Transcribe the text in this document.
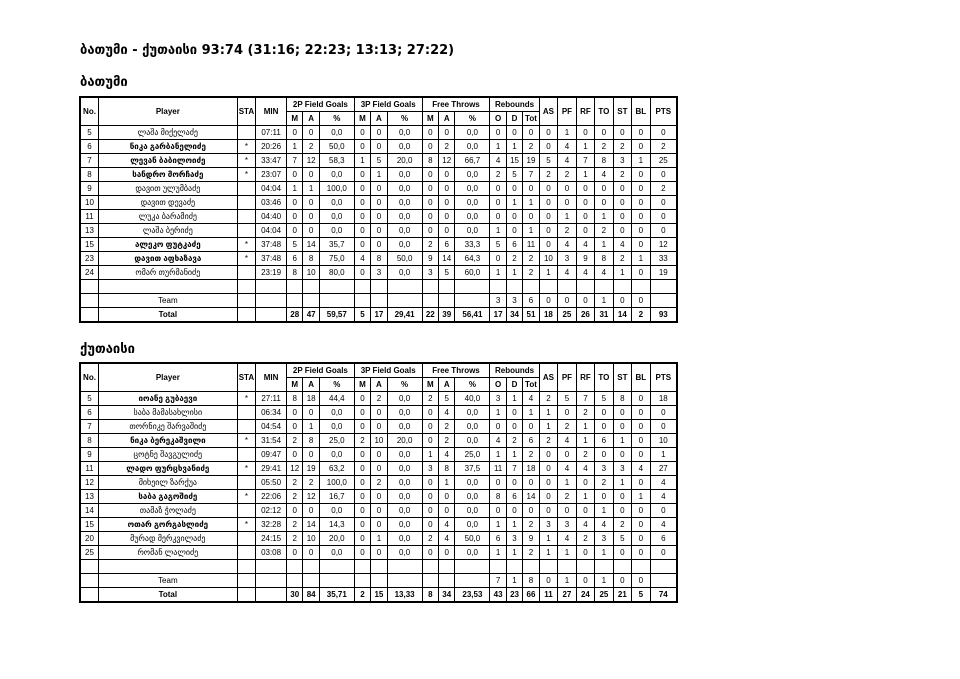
ბათუმი - ქუთაისი 93:74 (31:16; 22:23; 13:13; 27:22)
ბათუმი
No.	Player	STA	MIN	2P Field Goals			3P Field Goals			Free Throws			Rebounds			AS	PF	RF	TO	ST	BL	PTS
				M	A	%	M	A	%	M	A	%	O	D	Tot							
5	ლაშა მიქელაძე		07:11	0	0	0,0	0	0	0,0	0	0	0,0	0	0	0	0	1	0	0	0	0	0
6	ნიკა გარბანელიძე	*	20:26	1	2	50,0	0	0	0,0	0	2	0,0	1	1	2	0	4	1	2	2	0	2
7	ლევან ბაბილოიძე	*	33:47	7	12	58,3	1	5	20,0	8	12	66,7	4	15	19	5	4	7	8	3	1	25
8	სანდრო მორჩაძე	*	23:07	0	0	0,0	0	1	0,0	0	0	0,0	2	5	7	2	2	1	4	2	0	0
9	დავით ულუმბაძე		04:04	1	1	100,0	0	0	0,0	0	0	0,0	0	0	0	0	0	0	0	0	0	2
10	დავით დევაძე		03:46	0	0	0,0	0	0	0,0	0	0	0,0	0	1	1	0	0	0	0	0	0	0
11	ლუკა ბარამიძე		04:40	0	0	0,0	0	0	0,0	0	0	0,0	0	0	0	0	1	0	1	0	0	0
13	ლაშა ბერიძე		04:04	0	0	0,0	0	0	0,0	0	0	0,0	1	0	1	0	2	0	2	0	0	0
15	ალეკო ფუტკაძე	*	37:48	5	14	35,7	0	0	0,0	2	6	33,3	5	6	11	0	4	4	1	4	0	12
23	დავით აფხაზავა	*	37:48	6	8	75,0	4	8	50,0	9	14	64,3	0	2	2	10	3	9	8	2	1	33
24	ომარ თურმანიძე		23:19	8	10	80,0	0	3	0,0	3	5	60,0	1	1	2	1	4	4	4	1	0	19

	Team												3	3	6	0	0	0	1	0	0	
	Total			28	47	59,57	5	17	29,41	22	39	56,41	17	34	51	18	25	26	31	14	2	93
ქუთაისი
No.	Player	STA	MIN	2P Field Goals			3P Field Goals			Free Throws			Rebounds			AS	PF	RF	TO	ST	BL	PTS
				M	A	%	M	A	%	M	A	%	O	D	Tot							
5	იოანე გუბაევი	*	27:11	8	18	44,4	0	2	0,0	2	5	40,0	3	1	4	2	5	7	5	8	0	18
6	საბა მამასახლისი		06:34	0	0	0,0	0	0	0,0	0	4	0,0	1	0	1	1	0	2	0	0	0	0
7	თორნიკე შარვაშიძე		04:54	0	1	0,0	0	0	0,0	0	2	0,0	0	0	0	1	2	1	0	0	0	0
8	ნიკა ბერეკაშვილი	*	31:54	2	8	25,0	2	10	20,0	0	2	0,0	4	2	6	2	4	1	6	1	0	10
9	ცოტნე შავგულიძე		09:47	0	0	0,0	0	0	0,0	1	4	25,0	1	1	2	0	0	2	0	0	0	1
11	ლადო ფურცხვანიძე	*	29:41	12	19	63,2	0	0	0,0	3	8	37,5	11	7	18	0	4	4	3	3	4	27
12	მიხეილ ზარქუა		05:50	2	2	100,0	0	2	0,0	0	1	0,0	0	0	0	0	1	0	2	1	0	4
13	საბა გაგოშიძე	*	22:06	2	12	16,7	0	0	0,0	0	0	0,0	8	6	14	0	2	1	0	0	1	4
14	თამაზ ჭოლაძე		02:12	0	0	0,0	0	0	0,0	0	0	0,0	0	0	0	0	0	0	1	0	0	0
15	ოთარ გორგასლიძე	*	32:28	2	14	14,3	0	0	0,0	0	4	0,0	1	1	2	3	3	4	4	2	0	4
20	მურად მერკვილაძე		24:15	2	10	20,0	0	1	0,0	2	4	50,0	6	3	9	1	4	2	3	5	0	6
25	რომან ლალიძე		03:08	0	0	0,0	0	0	0,0	0	0	0,0	1	1	2	1	1	0	1	0	0	0

	Team												7	1	8	0	1	0	1	0	0	
	Total			30	84	35,71	2	15	13,33	8	34	23,53	43	23	66	11	27	24	25	21	5	74
